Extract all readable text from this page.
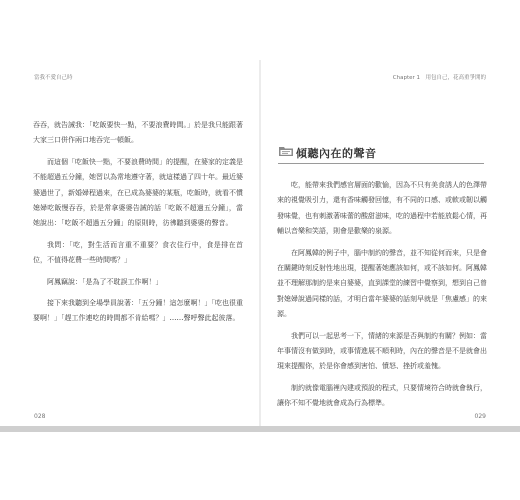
當我不愛自己時	Chapter 1　用包自己，花高重爭開的

吞吞，就告誡我：「吃飯要快一點，不要浪費時間。」於是我只能跟著大家三口併作兩口地吞完一頓飯。

而這個「吃飯快一點，不要浪費時間」的提醒，在婆家的定義是不能超過五分鐘，她習以為常地遵守著，就這樣過了四十年。最近婆婆過世了，新婚婦程過來，在已成為婆婆的某瓶，吃飯時，就看不慣媳婦吃飯慢吞吞，於是常拿婆婆告誡的話「吃飯不超過五分鐘」，當她說出：「吃飯不超過五分鐘」的原則時，彷彿聽到婆婆的聲音。

我問：「吃，對生活而言重不重要？食衣住行中，食是排在首位，不值得花費一些時間嗎？」

阿鳳竊說：「是為了不耽誤工作啊！」

接下來我聽到全場學員說著：「五分鐘！這怎麼啊！」「吃也很重要啊！」「趕工作連吃的時間都不肯給嗎？」……聲呼聲此起彼落。

傾聽內在的聲音

吃，能帶來我們感官層面的歡愉，因為不只有美食誘人的色澤帶來的視覺吸引力，還有香味觸發回憶，有不同的口感、或軟或韌以觸發味覺，也有刺激著味蕾的酸甜滋味，吃的過程中若能放鬆心情，再輔以音樂和笑語，則會是歡樂的泉源。

在阿鳳韓的例子中，腦中制約的聲音，並不知從何而來，只是會在關鍵時刻反射性地出現，提醒著她應該如何，或不該如何。阿鳳韓並不理解那制約是來自婆婆，直到課堂的練習中覺察到，想到自己曾對媳婦說過同樣的話，才明白當年婆婆的話刻早就是「焦慮感」的來源。

我們可以一起思考一下，情緒的來源是否與制約有關？例如：當年事情沒有做到時，或事情進展不順利時，內在的聲音是不是就會出現來提醒你，於是你會感到害怕、憤怒、挫折或羞愧。

制約就像電腦裡內建或預設的程式，只要情境符合時就會執行，讓你不知不覺地就會成為行為標準。

028	029
